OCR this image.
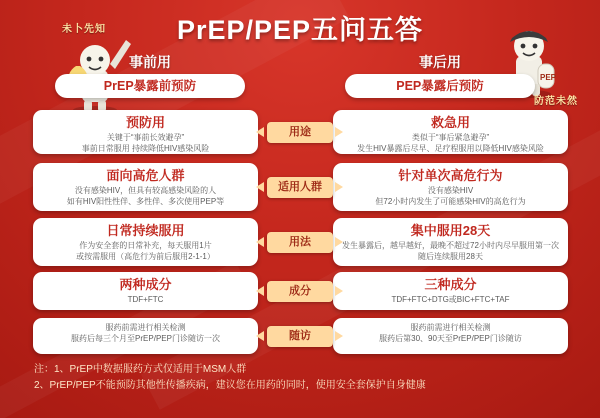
未卜先知
PEP
防范未然
PrEP/PEP五问五答
事前用	事后用
PrEP暴露前预防	PEP暴露后预防
预防用
关键于“事前长效避孕”
事前日常服用 持续降低HIV感染风险
救急用
类似于“事后紧急避孕”
发生HIV暴露后尽早、足疗程服用以降低HIV感染风险
用途
面向高危人群
没有感染HIV，但具有较高感染风险的人
如有HIV阳性性伴、多性伴、多次使用PEP等
针对单次高危行为
没有感染HIV
但72小时内发生了可能感染HIV的高危行为
适用人群
日常持续服用
作为安全套的日常补充，每天服用1片
或按需服用（高危行为前后服用2-1-1）
集中服用28天
发生暴露后，越早越好，最晚不超过72小时内尽早服用第一次
随后连续服用28天
用法
两种成分
TDF+FTC
三种成分
TDF+FTC+DTG或BIC+FTC+TAF
成分
服药前需进行相关检测
服药后每三个月至PrEP/PEP门诊随访一次
服药前需进行相关检测
服药后第30、90天至PrEP/PEP门诊随访
随访
注：1、PrEP中数据服药方式仅适用于MSM人群
2、PrEP/PEP不能预防其他性传播疾病，建议您在用药的同时，使用安全套保护自身健康
